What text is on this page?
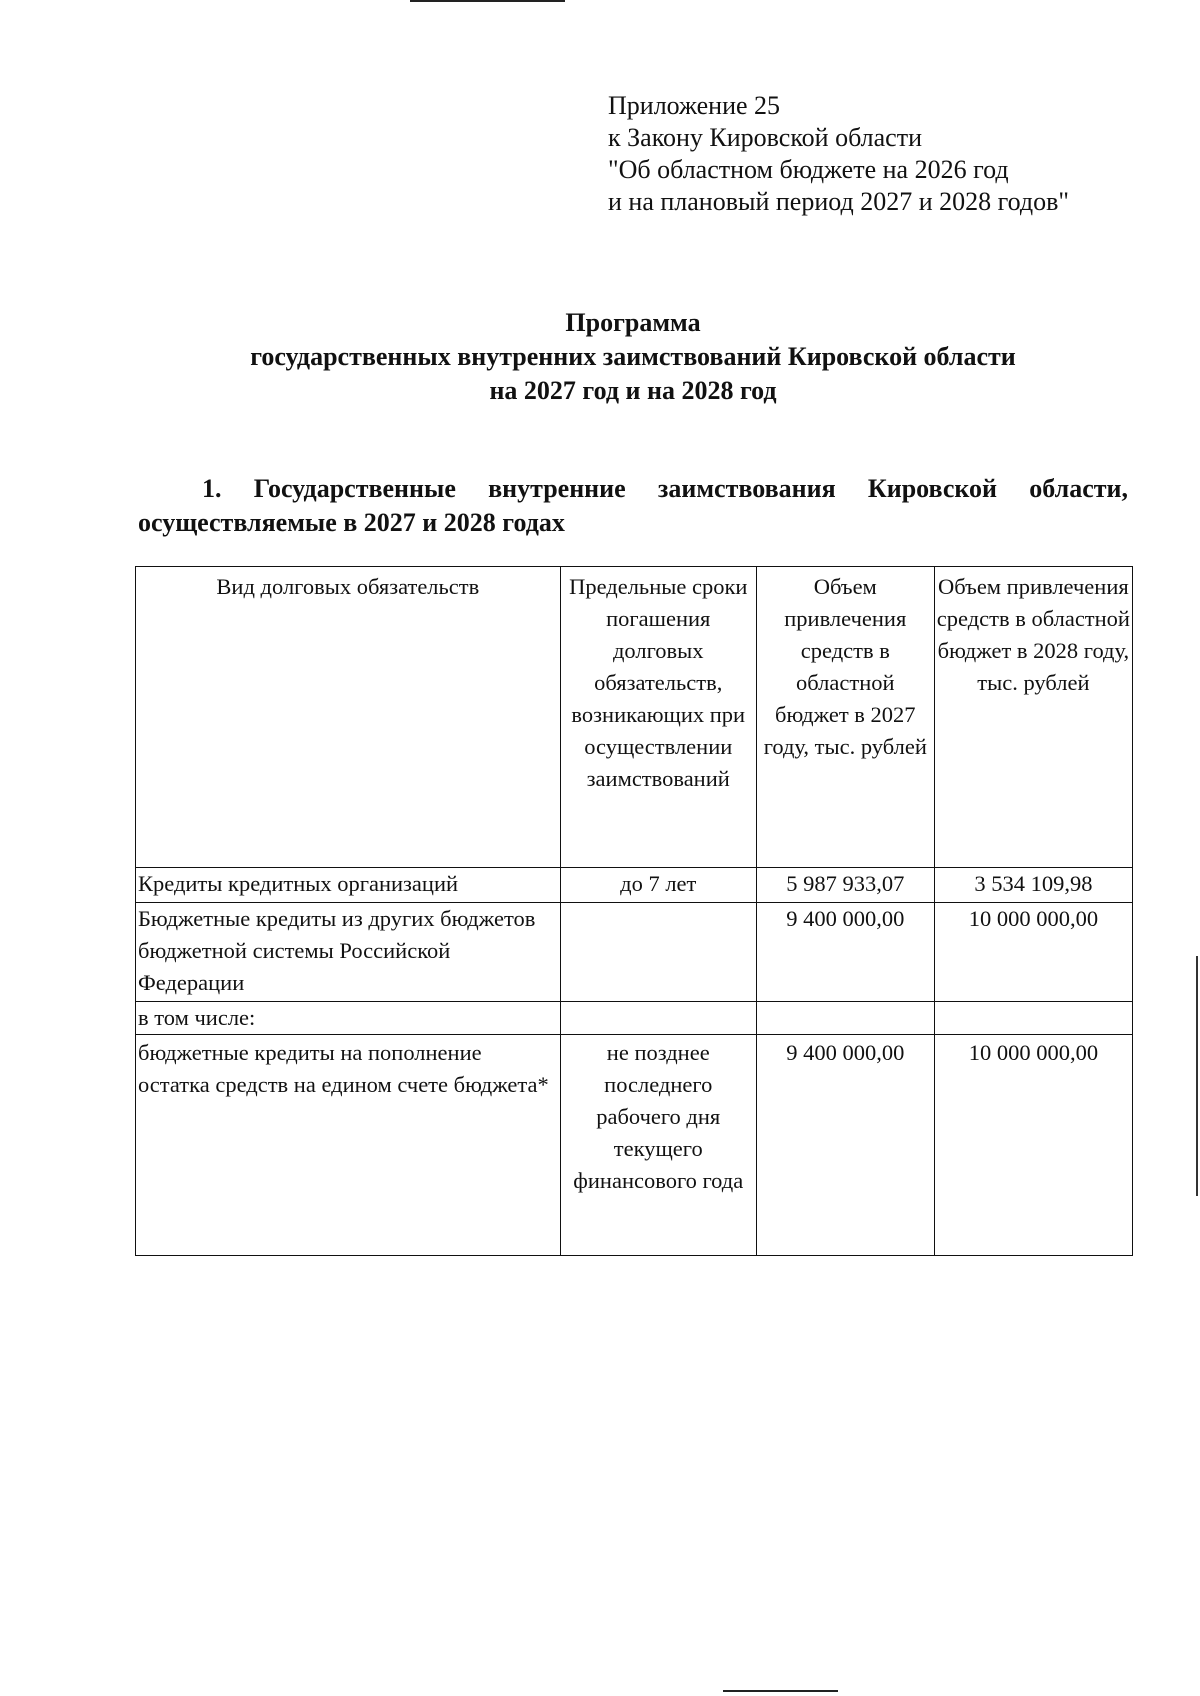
Приложение 25
к Закону Кировской области
"Об областном бюджете на 2026 год
и на плановый период 2027 и 2028 годов"
Программа
государственных внутренних заимствований Кировской области
на 2027 год и на 2028 год
1. Государственные внутренние заимствования Кировской области,
осуществляемые в 2027 и 2028 годах
Вид долговых обязательств	Предельные сроки погашения долговых обязательств, возникающих при осуществлении заимствований	Объем привлечения средств в областной бюджет в 2027 году, тыс. рублей	Объем привлечения средств в областной бюджет в 2028 году, тыс. рублей
Кредиты кредитных организаций	до 7 лет	5 987 933,07	3 534 109,98
Бюджетные кредиты из других бюджетов бюджетной системы Российской Федерации		9 400 000,00	10 000 000,00
в том числе:			
бюджетные кредиты на пополнение остатка средств на едином счете бюджета*	не позднее последнего рабочего дня текущего финансового года	9 400 000,00	10 000 000,00
